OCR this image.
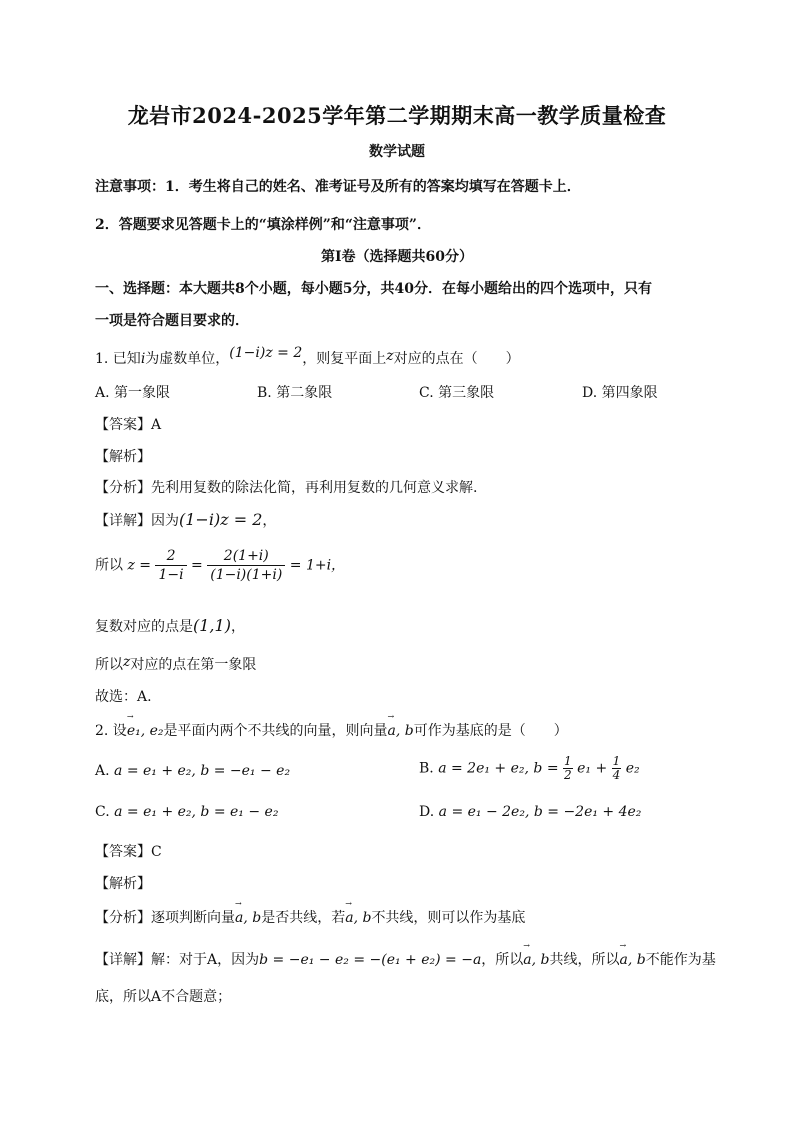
龙岩市2024-2025学年第二学期期末高一教学质量检查
数学试题
注意事项：1．考生将自己的姓名、准考证号及所有的答案均填写在答题卡上．
2．答题要求见答题卡上的“填涂样例”和“注意事项”．
第Ⅰ卷（选择题共60分）
一、选择题：本大题共8个小题，每小题5分，共40分．在每小题给出的四个选项中，只有
一项是符合题目要求的．
1. 已知i为虚数单位，(1−i)z = 2，则复平面上z对应的点在（　　）
A. 第一象限	B. 第二象限	C. 第三象限	D. 第四象限
【答案】A
【解析】
【分析】先利用复数的除法化简，再利用复数的几何意义求解.
【详解】因为(1−i)z = 2，
所以 $z = \frac{2}{1-i} = \frac{2(1+i)}{(1-i)(1+i)} = 1+i$，
复数对应的点是(1,1)，
所以z对应的点在第一象限
故选：A.
2. 设→ e₁, e₂是平面内两个不共线的向量，则向量→ a, b可作为基底的是（　　）
A. a = e₁ + e₂, b = −e₁ − e₂	B. a = 2e₁ + e₂, $b = \frac{1}{2} e_1 + \frac{1}{4} e_2$
C. a = e₁ + e₂, b = e₁ − e₂	D. a = e₁ − 2e₂, b = −2e₁ + 4e₂
【答案】C
【解析】
【分析】逐项判断向量→ a, b是否共线，若→ a, b不共线，则可以作为基底
【详解】解：对于A，因为b = −e₁ − e₂ = −(e₁ + e₂) = −a，所以→ a, b共线，所以→ a, b不能作为基
底，所以A不合题意；
